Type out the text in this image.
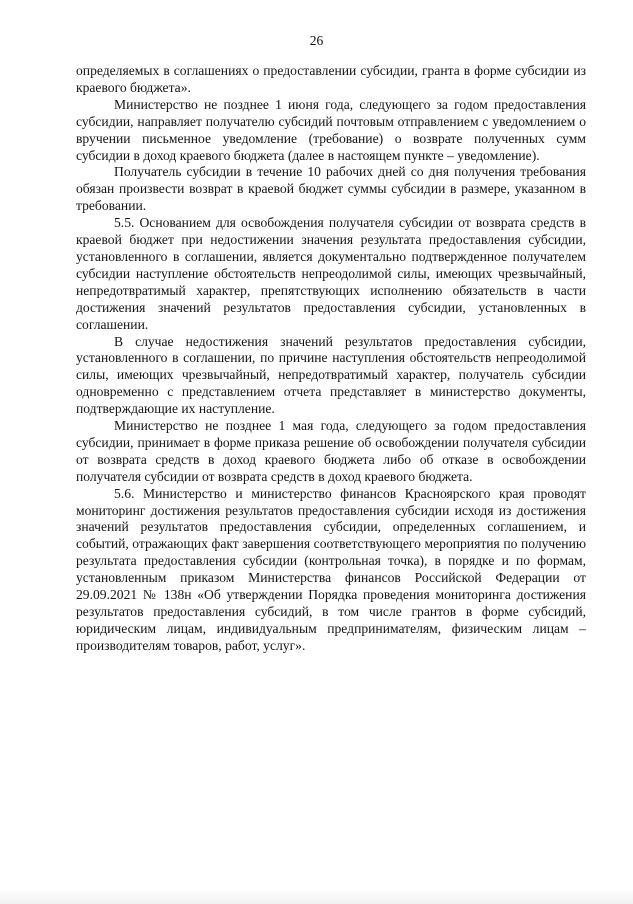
26

определяемых в соглашениях о предоставлении субсидии, гранта в форме субсидии из краевого бюджета».

Министерство не позднее 1 июня года, следующего за годом предоставления субсидии, направляет получателю субсидий почтовым отправлением с уведомлением о вручении письменное уведомление (требование) о возврате полученных сумм субсидии в доход краевого бюджета (далее в настоящем пункте – уведомление).

Получатель субсидии в течение 10 рабочих дней со дня получения требования обязан произвести возврат в краевой бюджет суммы субсидии в размере, указанном в требовании.

5.5. Основанием для освобождения получателя субсидии от возврата средств в краевой бюджет при недостижении значения результата предоставления субсидии, установленного в соглашении, является документально подтвержденное получателем субсидии наступление обстоятельств непреодолимой силы, имеющих чрезвычайный, непредотвратимый характер, препятствующих исполнению обязательств в части достижения значений результатов предоставления субсидии, установленных в соглашении.

В случае недостижения значений результатов предоставления субсидии, установленного в соглашении, по причине наступления обстоятельств непреодолимой силы, имеющих чрезвычайный, непредотвратимый характер, получатель субсидии одновременно с представлением отчета представляет в министерство документы, подтверждающие их наступление.

Министерство не позднее 1 мая года, следующего за годом предоставления субсидии, принимает в форме приказа решение об освобождении получателя субсидии от возврата средств в доход краевого бюджета либо об отказе в освобождении получателя субсидии от возврата средств в доход краевого бюджета.

5.6. Министерство и министерство финансов Красноярского края проводят мониторинг достижения результатов предоставления субсидии исходя из достижения значений результатов предоставления субсидии, определенных соглашением, и событий, отражающих факт завершения соответствующего мероприятия по получению результата предоставления субсидии (контрольная точка), в порядке и по формам, установленным приказом Министерства финансов Российской Федерации от 29.09.2021 № 138н «Об утверждении Порядка проведения мониторинга достижения результатов предоставления субсидий, в том числе грантов в форме субсидий, юридическим лицам, индивидуальным предпринимателям, физическим лицам – производителям товаров, работ, услуг».
